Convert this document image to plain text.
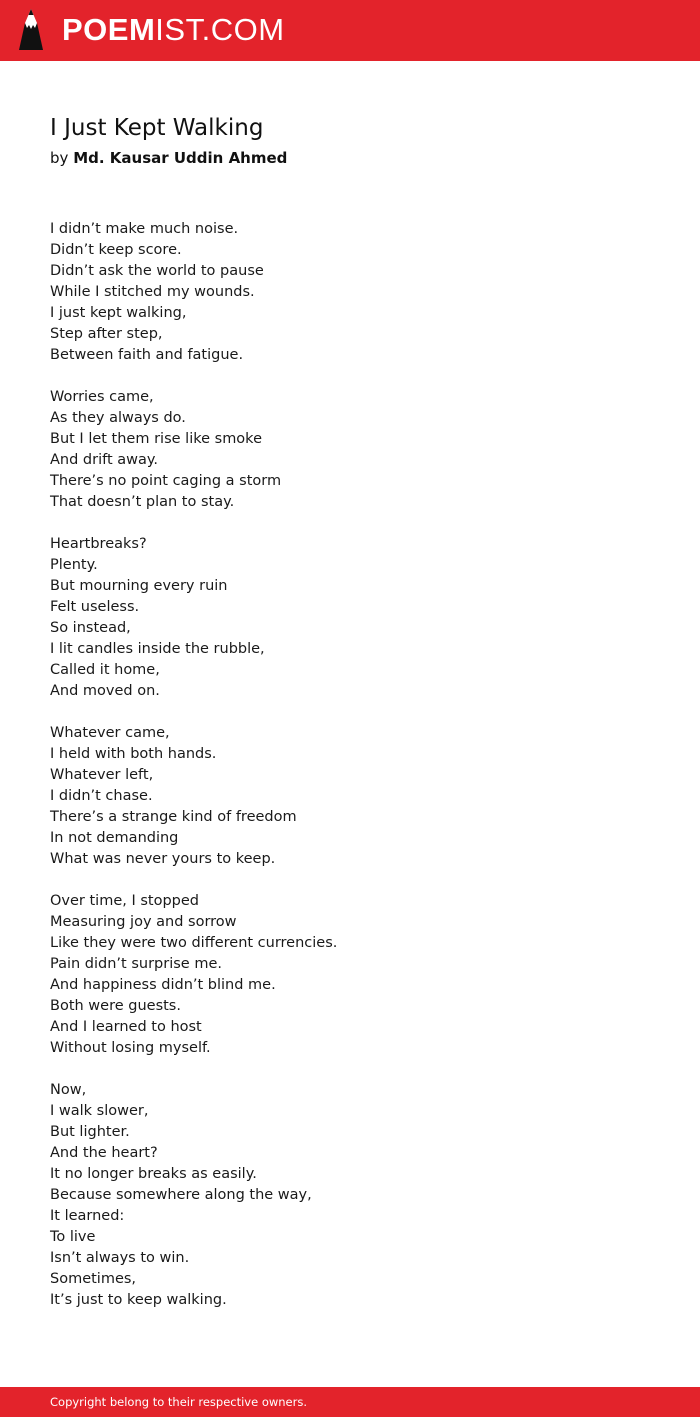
POEMIST.COM
I Just Kept Walking
by Md. Kausar Uddin Ahmed
I didn’t make much noise.
Didn’t keep score.
Didn’t ask the world to pause
While I stitched my wounds.
I just kept walking,
Step after step,
Between faith and fatigue.
Worries came,
As they always do.
But I let them rise like smoke
And drift away.
There’s no point caging a storm
That doesn’t plan to stay.
Heartbreaks?
Plenty.
But mourning every ruin
Felt useless.
So instead,
I lit candles inside the rubble,
Called it home,
And moved on.
Whatever came,
I held with both hands.
Whatever left,
I didn’t chase.
There’s a strange kind of freedom
In not demanding
What was never yours to keep.
Over time, I stopped
Measuring joy and sorrow
Like they were two different currencies.
Pain didn’t surprise me.
And happiness didn’t blind me.
Both were guests.
And I learned to host
Without losing myself.
Now,
I walk slower,
But lighter.
And the heart?
It no longer breaks as easily.
Because somewhere along the way,
It learned:
To live
Isn’t always to win.
Sometimes,
It’s just to keep walking.
Copyright belong to their respective owners.
